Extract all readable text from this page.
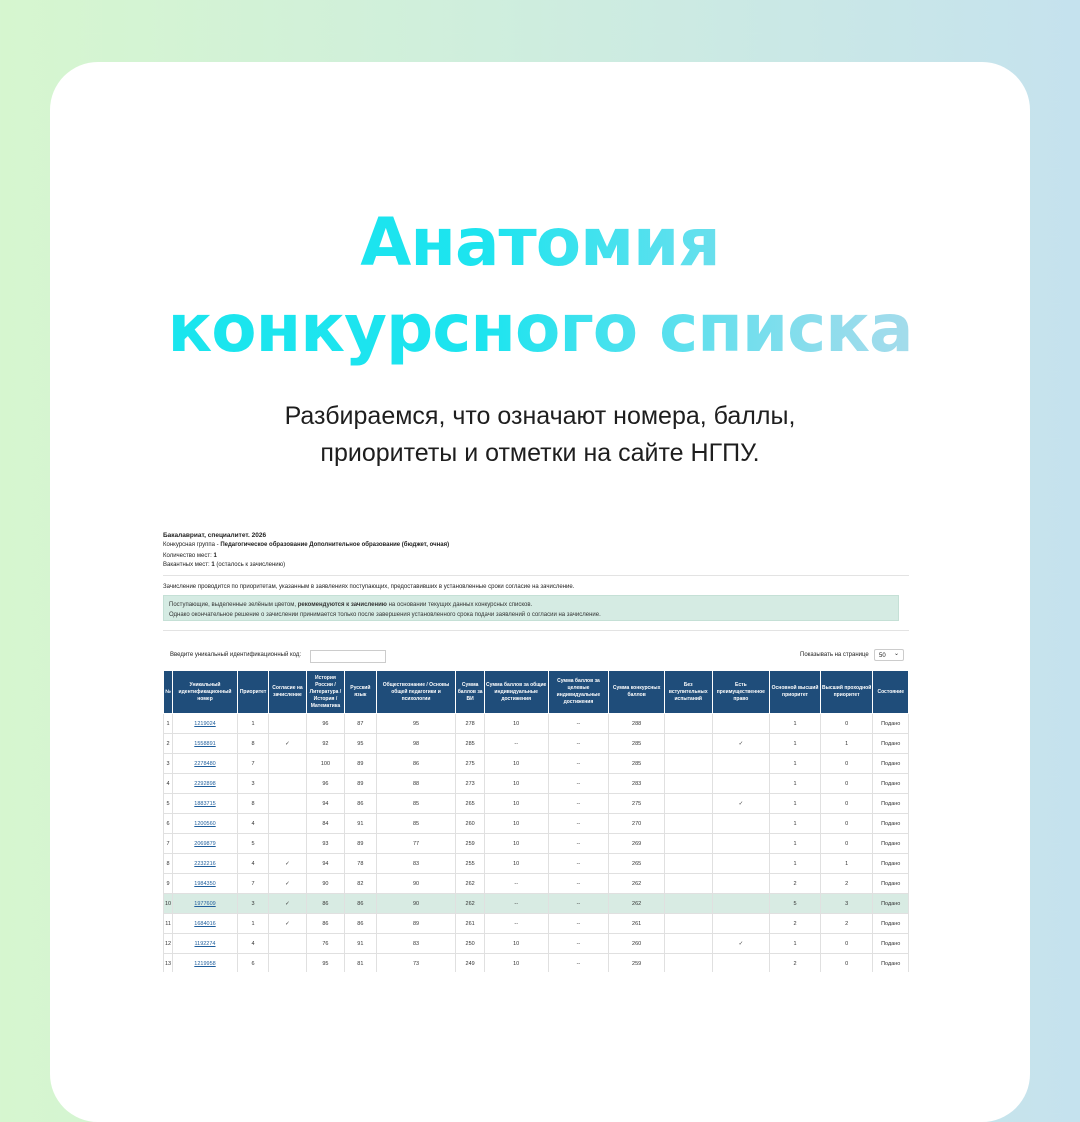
Анатомия
конкурсного списка
Разбираемся, что означают номера, баллы,
приоритеты и отметки на сайте НГПУ.
Бакалавриат, специалитет. 2026
Конкурсная группа - Педагогическое образование Дополнительное образование (бюджет, очная)
Количество мест: 1
Вакантных мест: 1 (осталось к зачислению)
Зачисление проводится по приоритетам, указанным в заявлениях поступающих, предоставивших в установленные сроки согласие на зачисление.
Поступающие, выделенные зелёным цветом, рекомендуются к зачислению на основании текущих данных конкурсных списков.
Однако окончательное решение о зачислении принимается только после завершения установленного срока подачи заявлений о согласии на зачисление.
Введите уникальный идентификационный код:	Показывать на странице	50 ⌄
№	Уникальный идентификационный номер	Приоритет	Согласие на зачисление	История России / Литература / История / Математика	Русский язык	Обществознание / Основы общей педагогики и психологии	Сумма баллов за ВИ	Сумма баллов за общие индивидуальные достижения	Сумма баллов за целевые индивидуальные достижения	Сумма конкурсных баллов	Без вступительных испытаний	Есть преимущественное право	Основной высший приоритет	Высший проходной приоритет	Состояние
1	1219024	1		96	87	95	278	10	--	288			1	0	Подано
2	1558891	8	✓	92	95	98	285	--	--	285		✓	1	1	Подано
3	2278480	7		100	89	86	275	10	--	285			1	0	Подано
4	2292898	3		96	89	88	273	10	--	283			1	0	Подано
5	1883715	8		94	86	85	265	10	--	275		✓	1	0	Подано
6	1200560	4		84	91	85	260	10	--	270			1	0	Подано
7	2069879	5		93	89	77	259	10	--	269			1	0	Подано
8	2232216	4	✓	94	78	83	255	10	--	265			1	1	Подано
9	1984350	7	✓	90	82	90	262	--	--	262			2	2	Подано
10	1977609	3	✓	86	86	90	262	--	--	262			5	3	Подано
11	1684016	1	✓	86	86	89	261	--	--	261			2	2	Подано
12	1192274	4		76	91	83	250	10	--	260		✓	1	0	Подано
13	1219958	6		95	81	73	249	10	--	259			2	0	Подано
